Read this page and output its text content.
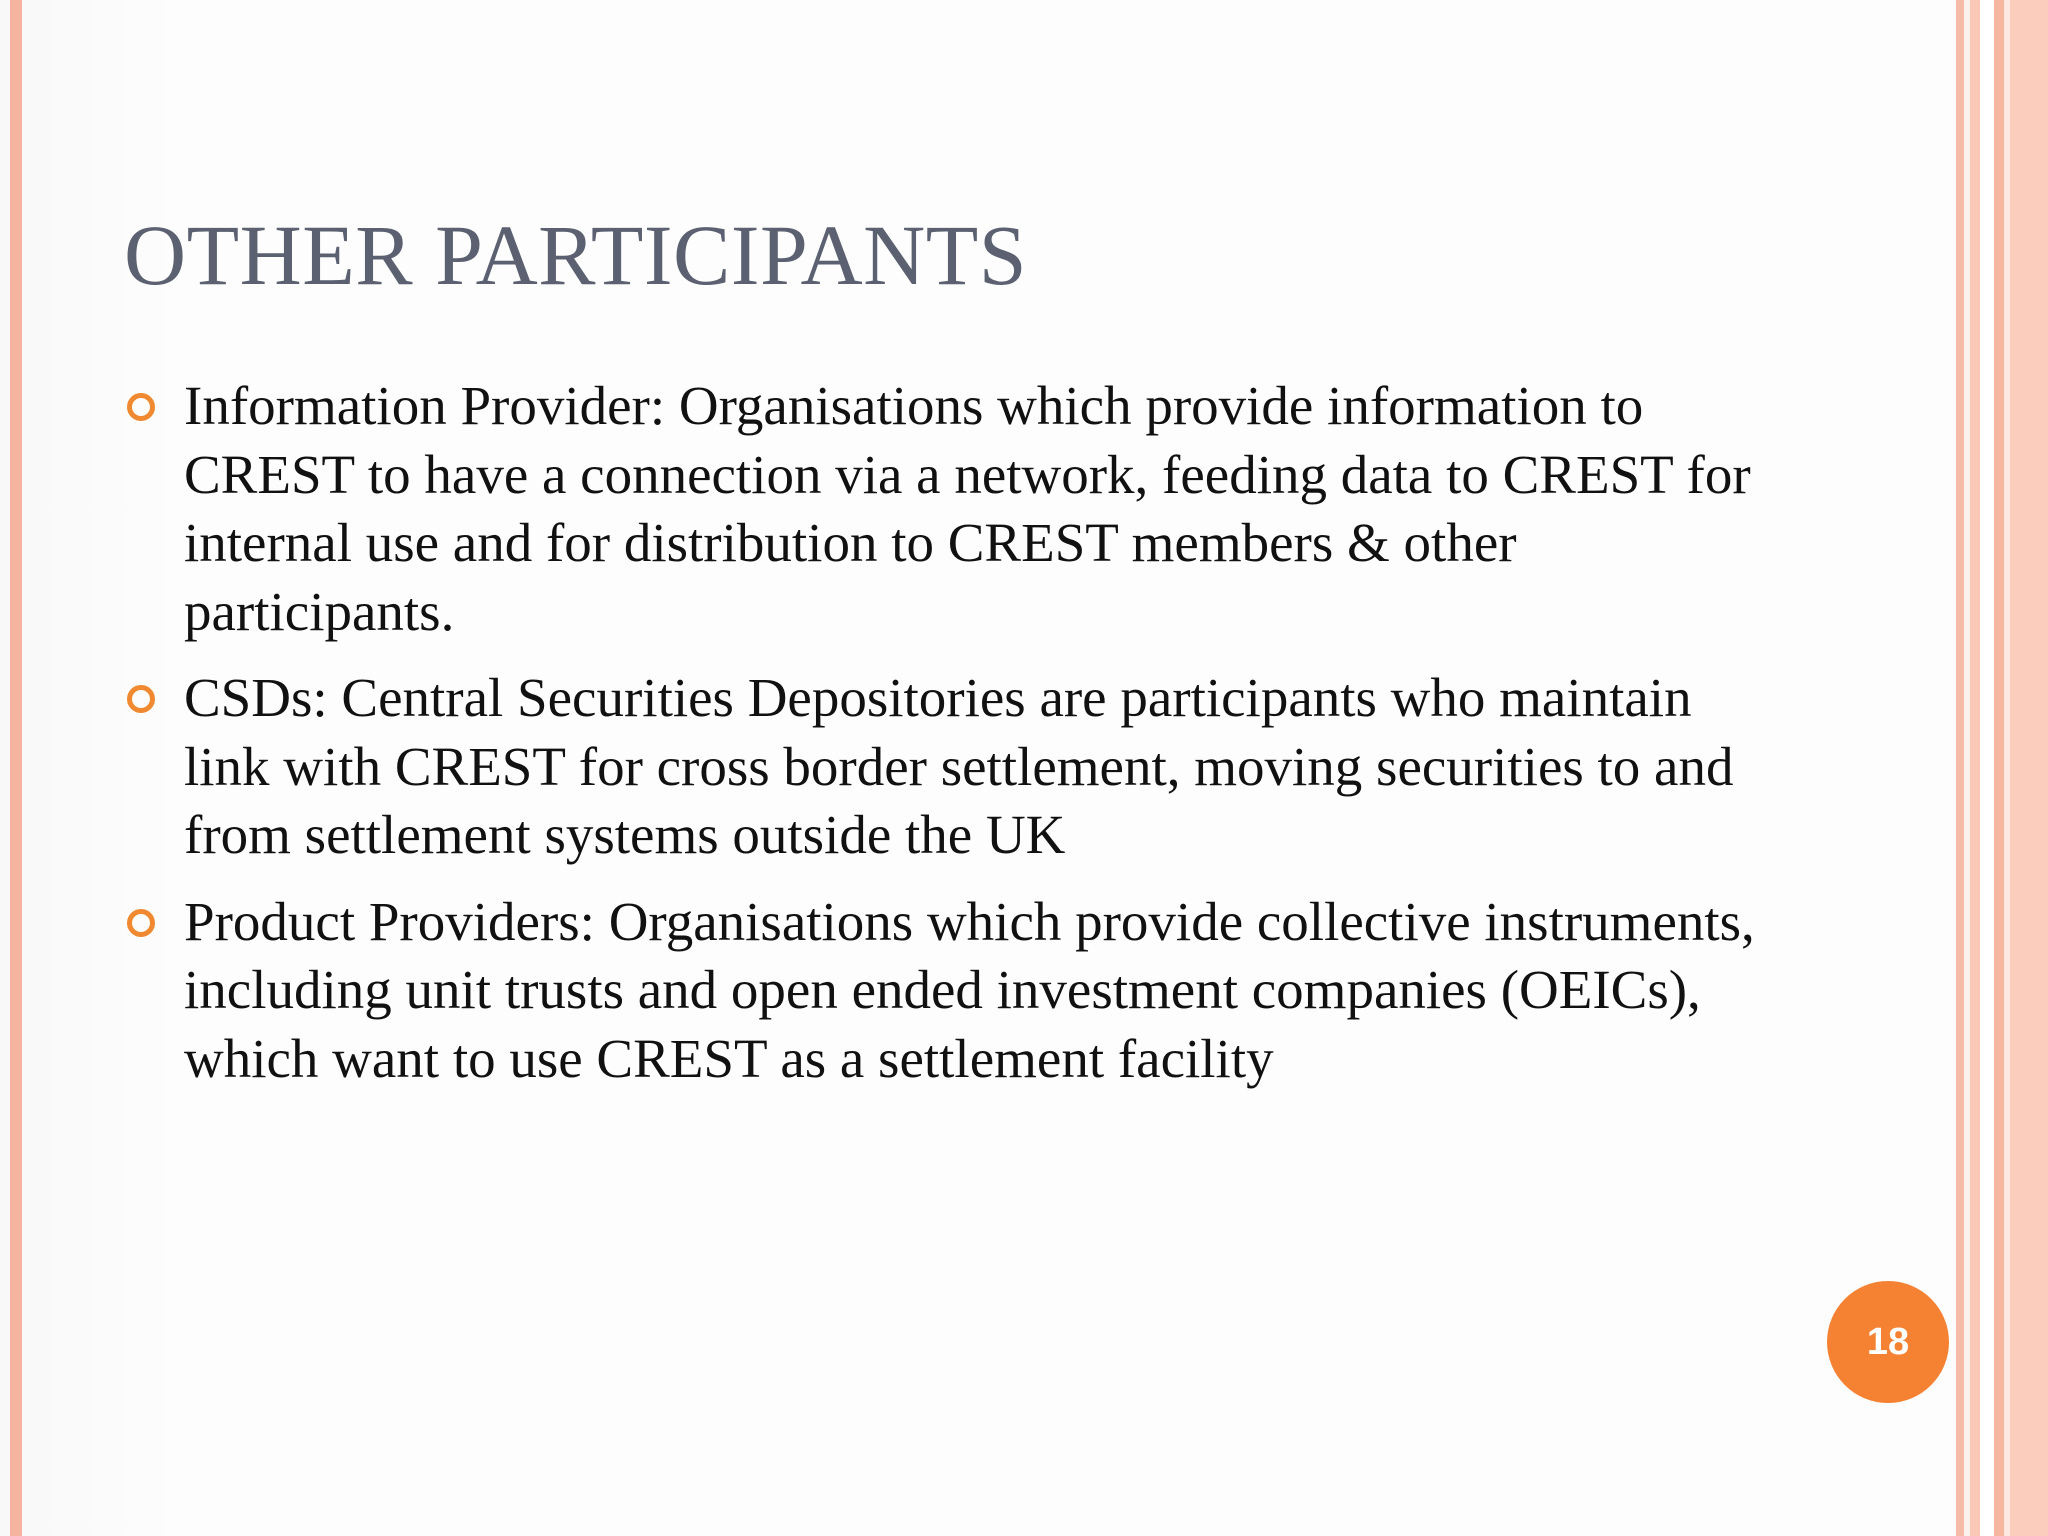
OTHER PARTICIPANTS
Information Provider: Organisations which provide information to CREST to have a connection via a network, feeding data to CREST for internal use and for distribution to CREST members & other participants.
CSDs: Central Securities Depositories are participants who maintain link with CREST for cross border settlement, moving securities to and from settlement systems outside the UK
Product Providers: Organisations which provide collective instruments, including unit trusts and open ended investment companies (OEICs), which want to use CREST as a settlement facility
18
